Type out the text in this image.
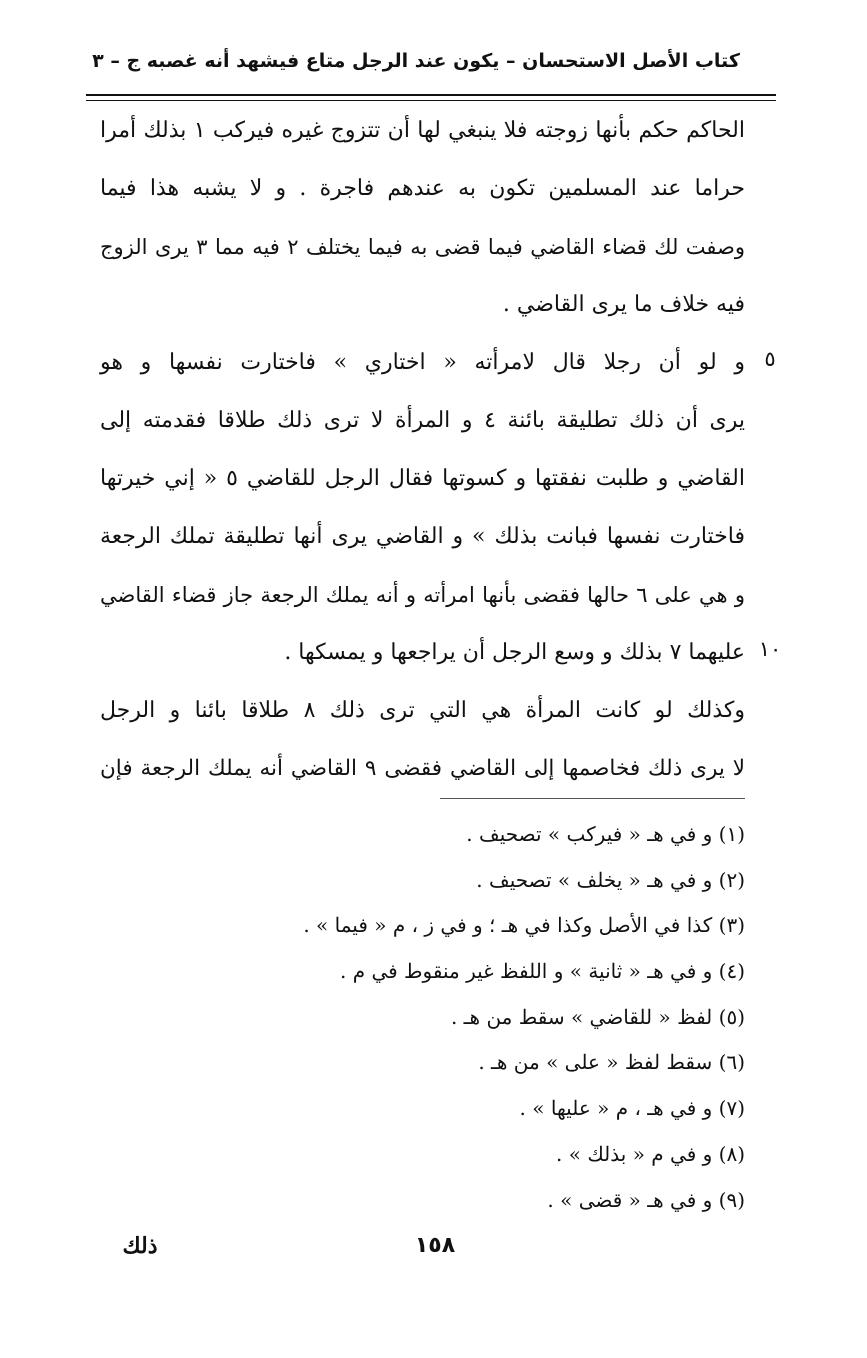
كتاب الأصل الاستحسان – يكون عند الرجل متاع فيشهد أنه غصبه ج – ٣
الحاكم حكم بأنها زوجته فلا ينبغي لها أن تتزوج غيره فيركب ١ بذلك أمرا
حراما عند المسلمين تكون به عندهم فاجرة . و لا يشبه هذا فيما
وصفت لك قضاء القاضي فيما قضى به فيما يختلف ٢ فيه مما ٣ يرى الزوج
فيه خلاف ما يرى القاضي .
و لو أن رجلا قال لامرأته « اختاري » فاختارت نفسها و هو
يرى أن ذلك تطليقة بائنة ٤ و المرأة لا ترى ذلك طلاقا فقدمته إلى
القاضي و طلبت نفقتها و كسوتها فقال الرجل للقاضي ٥ « إني خيرتها
فاختارت نفسها فبانت بذلك » و القاضي يرى أنها تطليقة تملك الرجعة
و هي على ٦ حالها فقضى بأنها امرأته و أنه يملك الرجعة جاز قضاء القاضي
عليهما ٧ بذلك و وسع الرجل أن يراجعها و يمسكها .
وكذلك لو كانت المرأة هي التي ترى ذلك ٨ طلاقا بائنا و الرجل
لا يرى ذلك فخاصمها إلى القاضي فقضى ٩ القاضي أنه يملك الرجعة فإن
٥
١٠
(١) و في هـ « فيركب » تصحيف .
(٢) و في هـ « يخلف » تصحيف .
(٣) كذا في الأصل وكذا في هـ ؛ و في ز ، م « فيما » .
(٤) و في هـ « ثانية » و اللفظ غير منقوط في م .
(٥) لفظ « للقاضي » سقط من هـ .
(٦) سقط لفظ « على » من هـ .
(٧) و في هـ ، م « عليها » .
(٨) و في م « بذلك » .
(٩) و في هـ « قضى » .
١٥٨
ذلك
